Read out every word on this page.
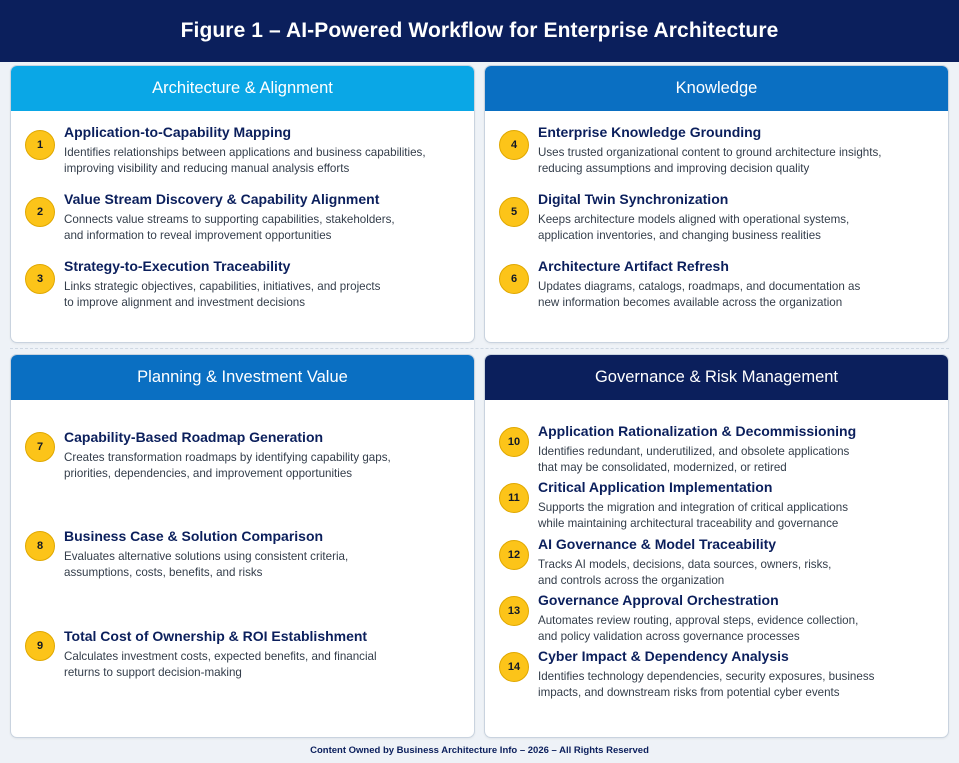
Figure 1 – AI-Powered Workflow for Enterprise Architecture
Architecture & Alignment
1
Application-to-Capability Mapping
Identifies relationships between applications and business capabilities,
improving visibility and reducing manual analysis efforts
2
Value Stream Discovery & Capability Alignment
Connects value streams to supporting capabilities, stakeholders,
and information to reveal improvement opportunities
3
Strategy-to-Execution Traceability
Links strategic objectives, capabilities, initiatives, and projects
to improve alignment and investment decisions
Knowledge
4
Enterprise Knowledge Grounding
Uses trusted organizational content to ground architecture insights,
reducing assumptions and improving decision quality
5
Digital Twin Synchronization
Keeps architecture models aligned with operational systems,
application inventories, and changing business realities
6
Architecture Artifact Refresh
Updates diagrams, catalogs, roadmaps, and documentation as
new information becomes available across the organization
Planning & Investment Value
7
Capability-Based Roadmap Generation
Creates transformation roadmaps by identifying capability gaps,
priorities, dependencies, and improvement opportunities
8
Business Case & Solution Comparison
Evaluates alternative solutions using consistent criteria,
assumptions, costs, benefits, and risks
9
Total Cost of Ownership & ROI Establishment
Calculates investment costs, expected benefits, and financial
returns to support decision-making
Governance & Risk Management
10
Application Rationalization & Decommissioning
Identifies redundant, underutilized, and obsolete applications
that may be consolidated, modernized, or retired
11
Critical Application Implementation
Supports the migration and integration of critical applications
while maintaining architectural traceability and governance
12
AI Governance & Model Traceability
Tracks AI models, decisions, data sources, owners, risks,
and controls across the organization
13
Governance Approval Orchestration
Automates review routing, approval steps, evidence collection,
and policy validation across governance processes
14
Cyber Impact & Dependency Analysis
Identifies technology dependencies, security exposures, business
impacts, and downstream risks from potential cyber events
Content Owned by Business Architecture Info – 2026 – All Rights Reserved
